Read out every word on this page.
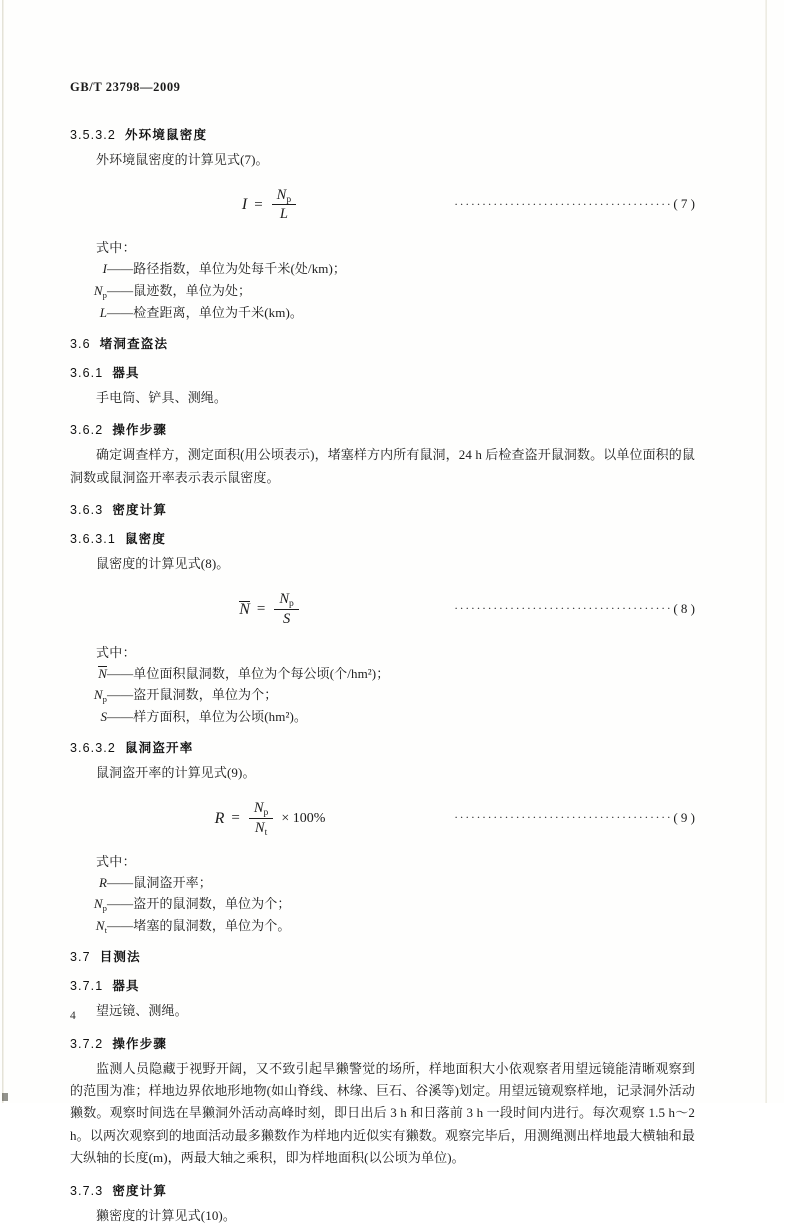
GB/T 23798—2009
3.5.3.2 外环境鼠密度

外环境鼠密度的计算见式(7)。

$I = \frac{N_p}{L}$	······································· ( 7 )
式中：
I ——路径指数，单位为处每千米(处/km)；
$N_p$ ——鼠迹数，单位为处；
L ——检查距离，单位为千米(km)。
3.6 堵洞查盗法
3.6.1 器具

手电筒、铲具、测绳。

3.6.2 操作步骤

确定调查样方，测定面积(用公顷表示)，堵塞样方内所有鼠洞，24 h 后检查盗开鼠洞数。以单位面积的鼠洞数或鼠洞盗开率表示表示鼠密度。

3.6.3 密度计算
3.6.3.1 鼠密度

鼠密度的计算见式(8)。

$N = \frac{N_p}{S}$	······································· ( 8 )
式中：
N ——单位面积鼠洞数，单位为个每公顷(个/hm²)；
$N_p$ ——盗开鼠洞数，单位为个；
S ——样方面积，单位为公顷(hm²)。
3.6.3.2 鼠洞盗开率

鼠洞盗开率的计算见式(9)。

$R = \frac{N_p}{N_t} \times 100\%$	······································· ( 9 )
式中：
R ——鼠洞盗开率；
$N_p$ ——盗开的鼠洞数，单位为个；
$N_t$ ——堵塞的鼠洞数，单位为个。
3.7 目测法
3.7.1 器具

望远镜、测绳。

3.7.2 操作步骤

监测人员隐藏于视野开阔，又不致引起旱獭警觉的场所，样地面积大小依观察者用望远镜能清晰观察到的范围为准；样地边界依地形地物(如山脊线、林缘、巨石、谷溪等)划定。用望远镜观察样地，记录洞外活动獭数。观察时间选在旱獭洞外活动高峰时刻，即日出后 3 h 和日落前 3 h 一段时间内进行。每次观察 1.5 h～2 h。以两次观察到的地面活动最多獭数作为样地内近似实有獭数。观察完毕后，用测绳测出样地最大横轴和最大纵轴的长度(m)，两最大轴之乘积，即为样地面积(以公顷为单位)。

3.7.3 密度计算

獭密度的计算见式(10)。

4
